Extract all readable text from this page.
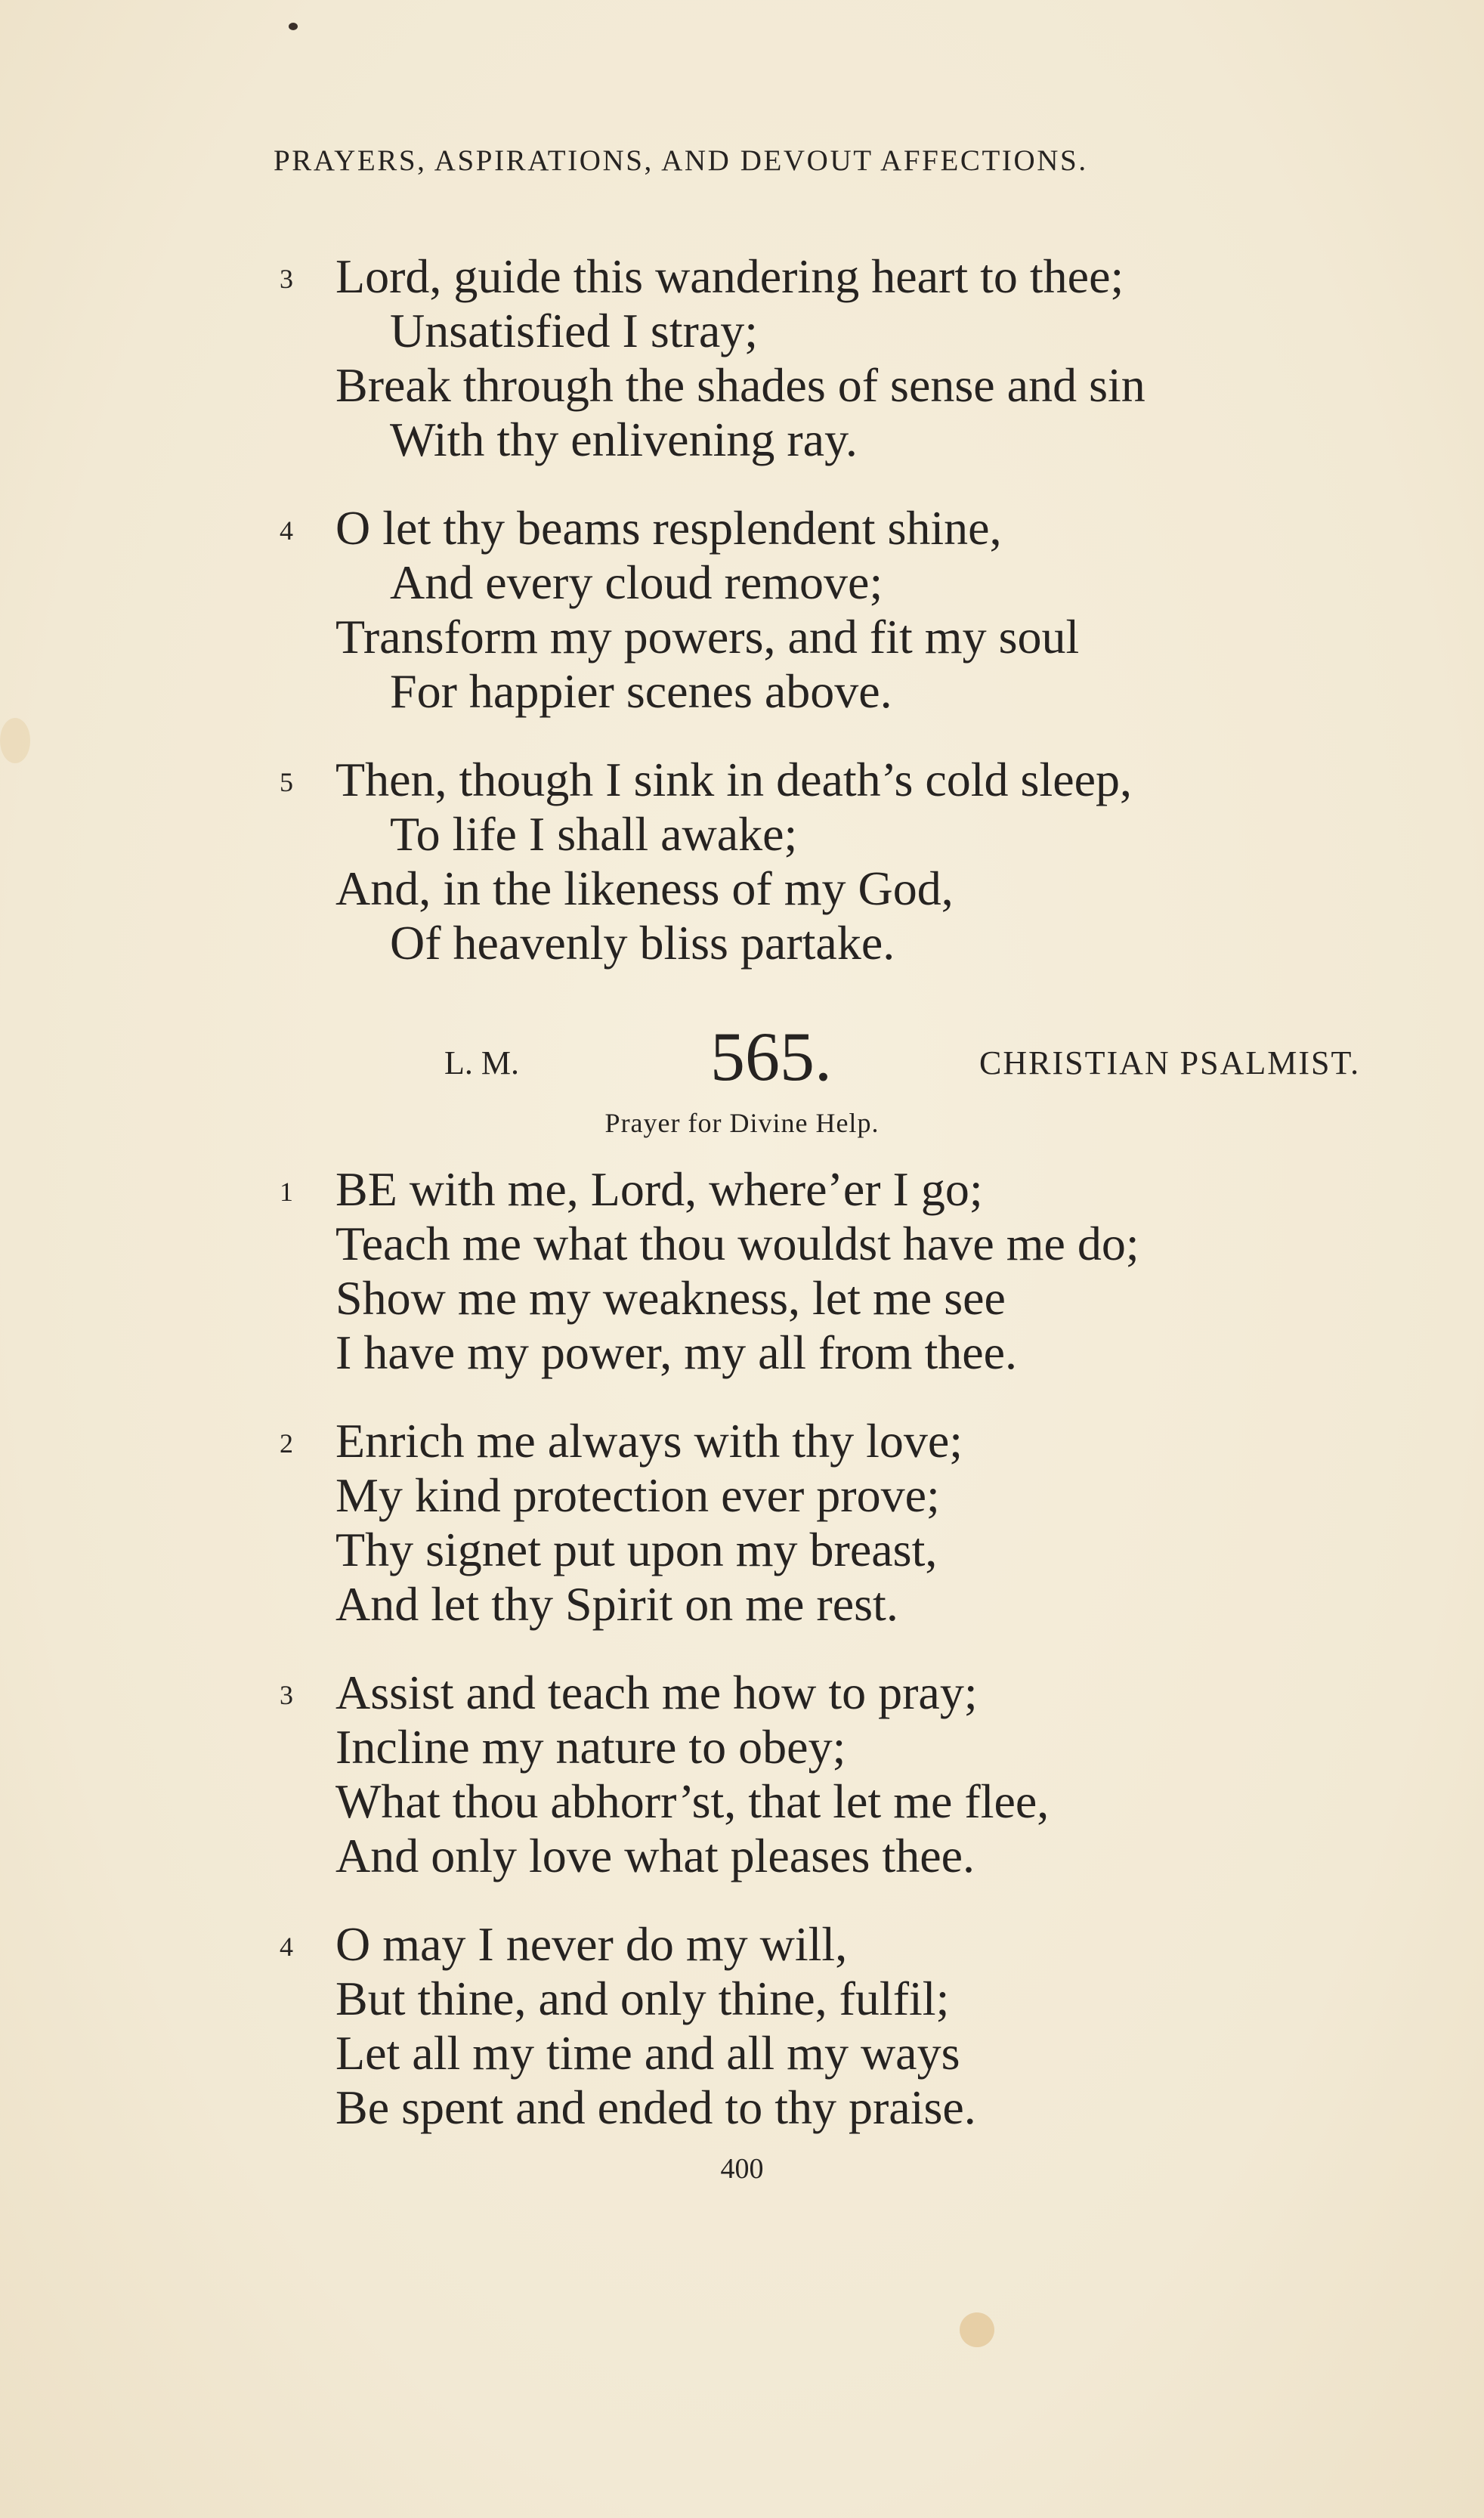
PRAYERS, ASPIRATIONS, AND DEVOUT AFFECTIONS.
3 Lord, guide this wandering heart to thee;
Unsatisfied I stray;
Break through the shades of sense and sin
With thy enlivening ray.
4 O let thy beams resplendent shine,
And every cloud remove;
Transform my powers, and fit my soul
For happier scenes above.
5 Then, though I sink in death’s cold sleep,
To life I shall awake;
And, in the likeness of my God,
Of heavenly bliss partake.
L. M.	565.	CHRISTIAN PSALMIST.
Prayer for Divine Help.
1 BE with me, Lord, where’er I go;
Teach me what thou wouldst have me do;
Show me my weakness, let me see
I have my power, my all from thee.
2 Enrich me always with thy love;
My kind protection ever prove;
Thy signet put upon my breast,
And let thy Spirit on me rest.
3 Assist and teach me how to pray;
Incline my nature to obey;
What thou abhorr’st, that let me flee,
And only love what pleases thee.
4 O may I never do my will,
But thine, and only thine, fulfil;
Let all my time and all my ways
Be spent and ended to thy praise.
400
